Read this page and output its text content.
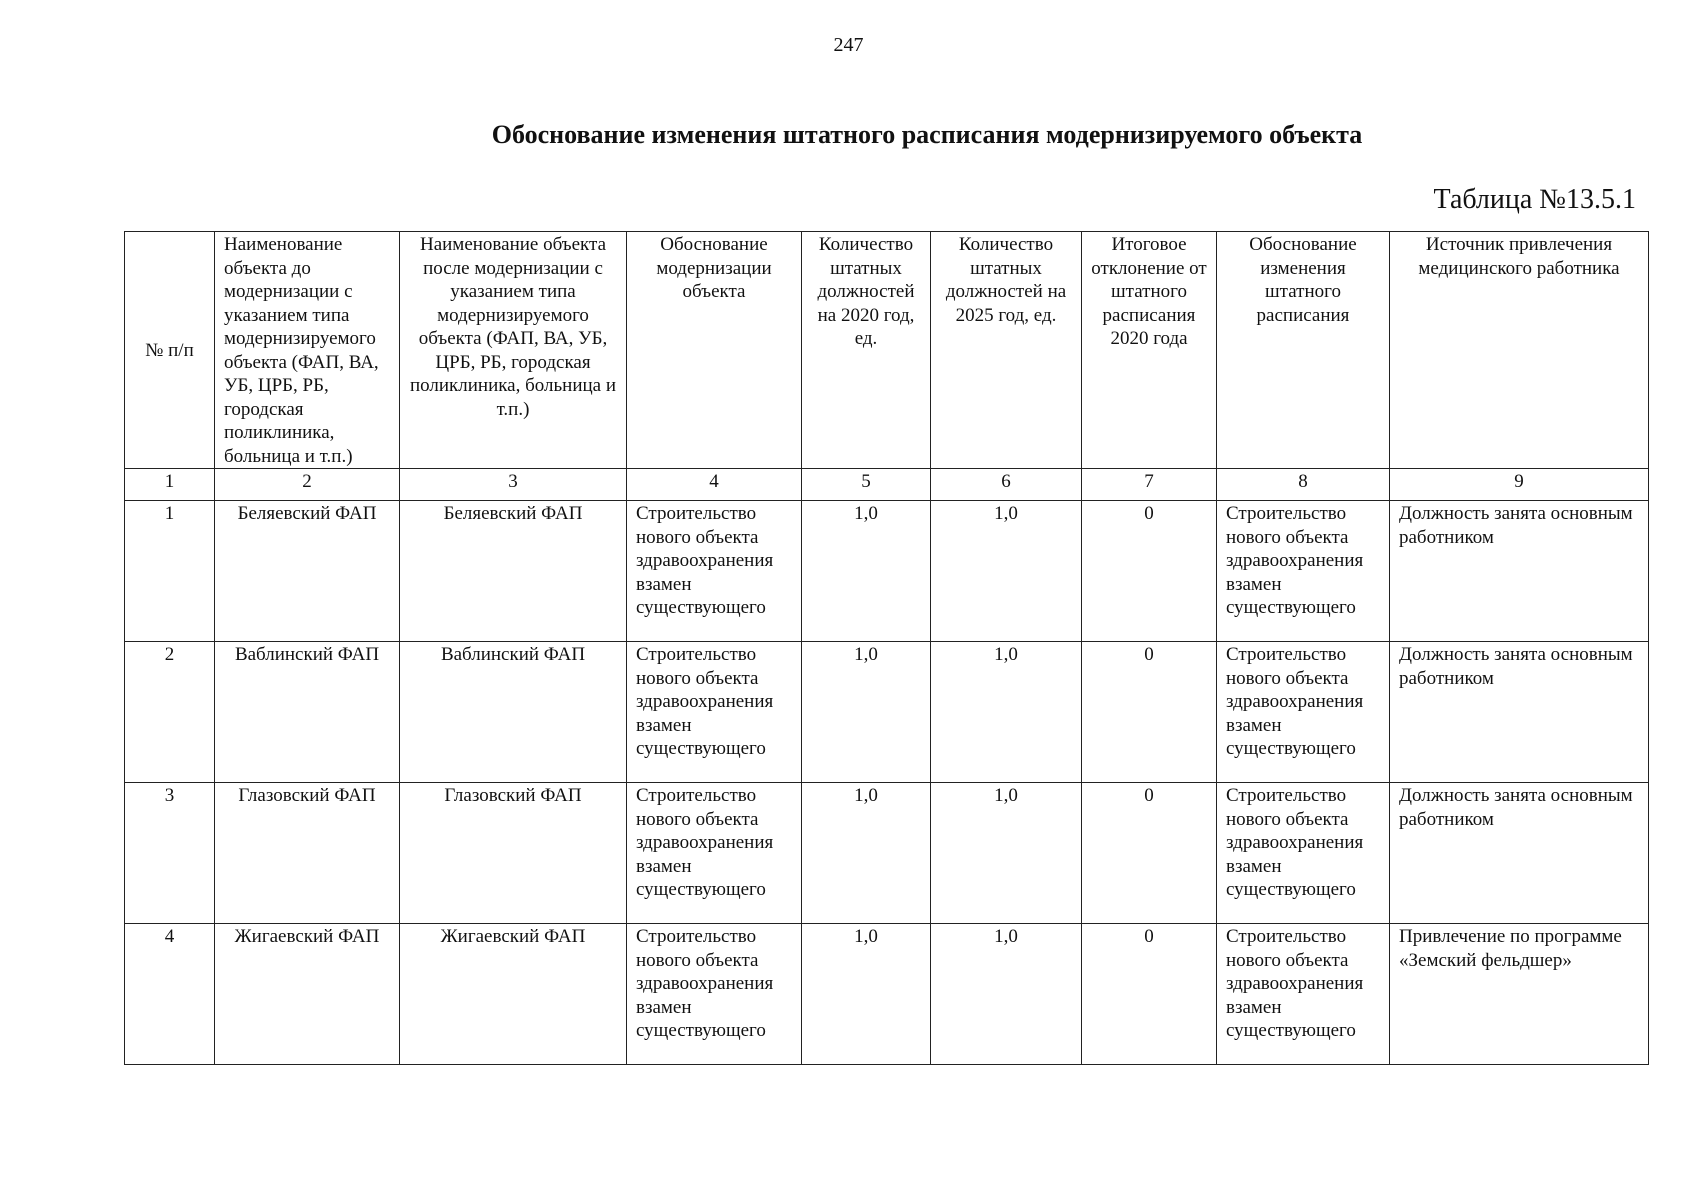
247
Обоснование изменения штатного расписания модернизируемого объекта
Таблица №13.5.1
№ п/п	Наименование объекта до модернизации с указанием типа модернизируемого объекта (ФАП, ВА, УБ, ЦРБ, РБ, городская поликлиника, больница и т.п.)	Наименование объекта после модернизации с указанием типа модернизируемого объекта (ФАП, ВА, УБ, ЦРБ, РБ, городская поликлиника, больница и т.п.)	Обоснование модернизации объекта	Количество штатных должностей на 2020 год, ед.	Количество штатных должностей на 2025 год, ед.	Итоговое отклонение от штатного расписания 2020 года	Обоснование изменения штатного расписания	Источник привлечения медицинского работника
1	2	3	4	5	6	7	8	9
1	Беляевский ФАП	Беляевский ФАП	Строительство нового объекта здравоохранения взамен существующего	1,0	1,0	0	Строительство нового объекта здравоохранения взамен существующего	Должность занята основным работником
2	Ваблинский ФАП	Ваблинский ФАП	Строительство нового объекта здравоохранения взамен существующего	1,0	1,0	0	Строительство нового объекта здравоохранения взамен существующего	Должность занята основным работником
3	Глазовский ФАП	Глазовский ФАП	Строительство нового объекта здравоохранения взамен существующего	1,0	1,0	0	Строительство нового объекта здравоохранения взамен существующего	Должность занята основным работником
4	Жигаевский ФАП	Жигаевский ФАП	Строительство нового объекта здравоохранения взамен существующего	1,0	1,0	0	Строительство нового объекта здравоохранения взамен существующего	Привлечение по программе «Земский фельдшер»
